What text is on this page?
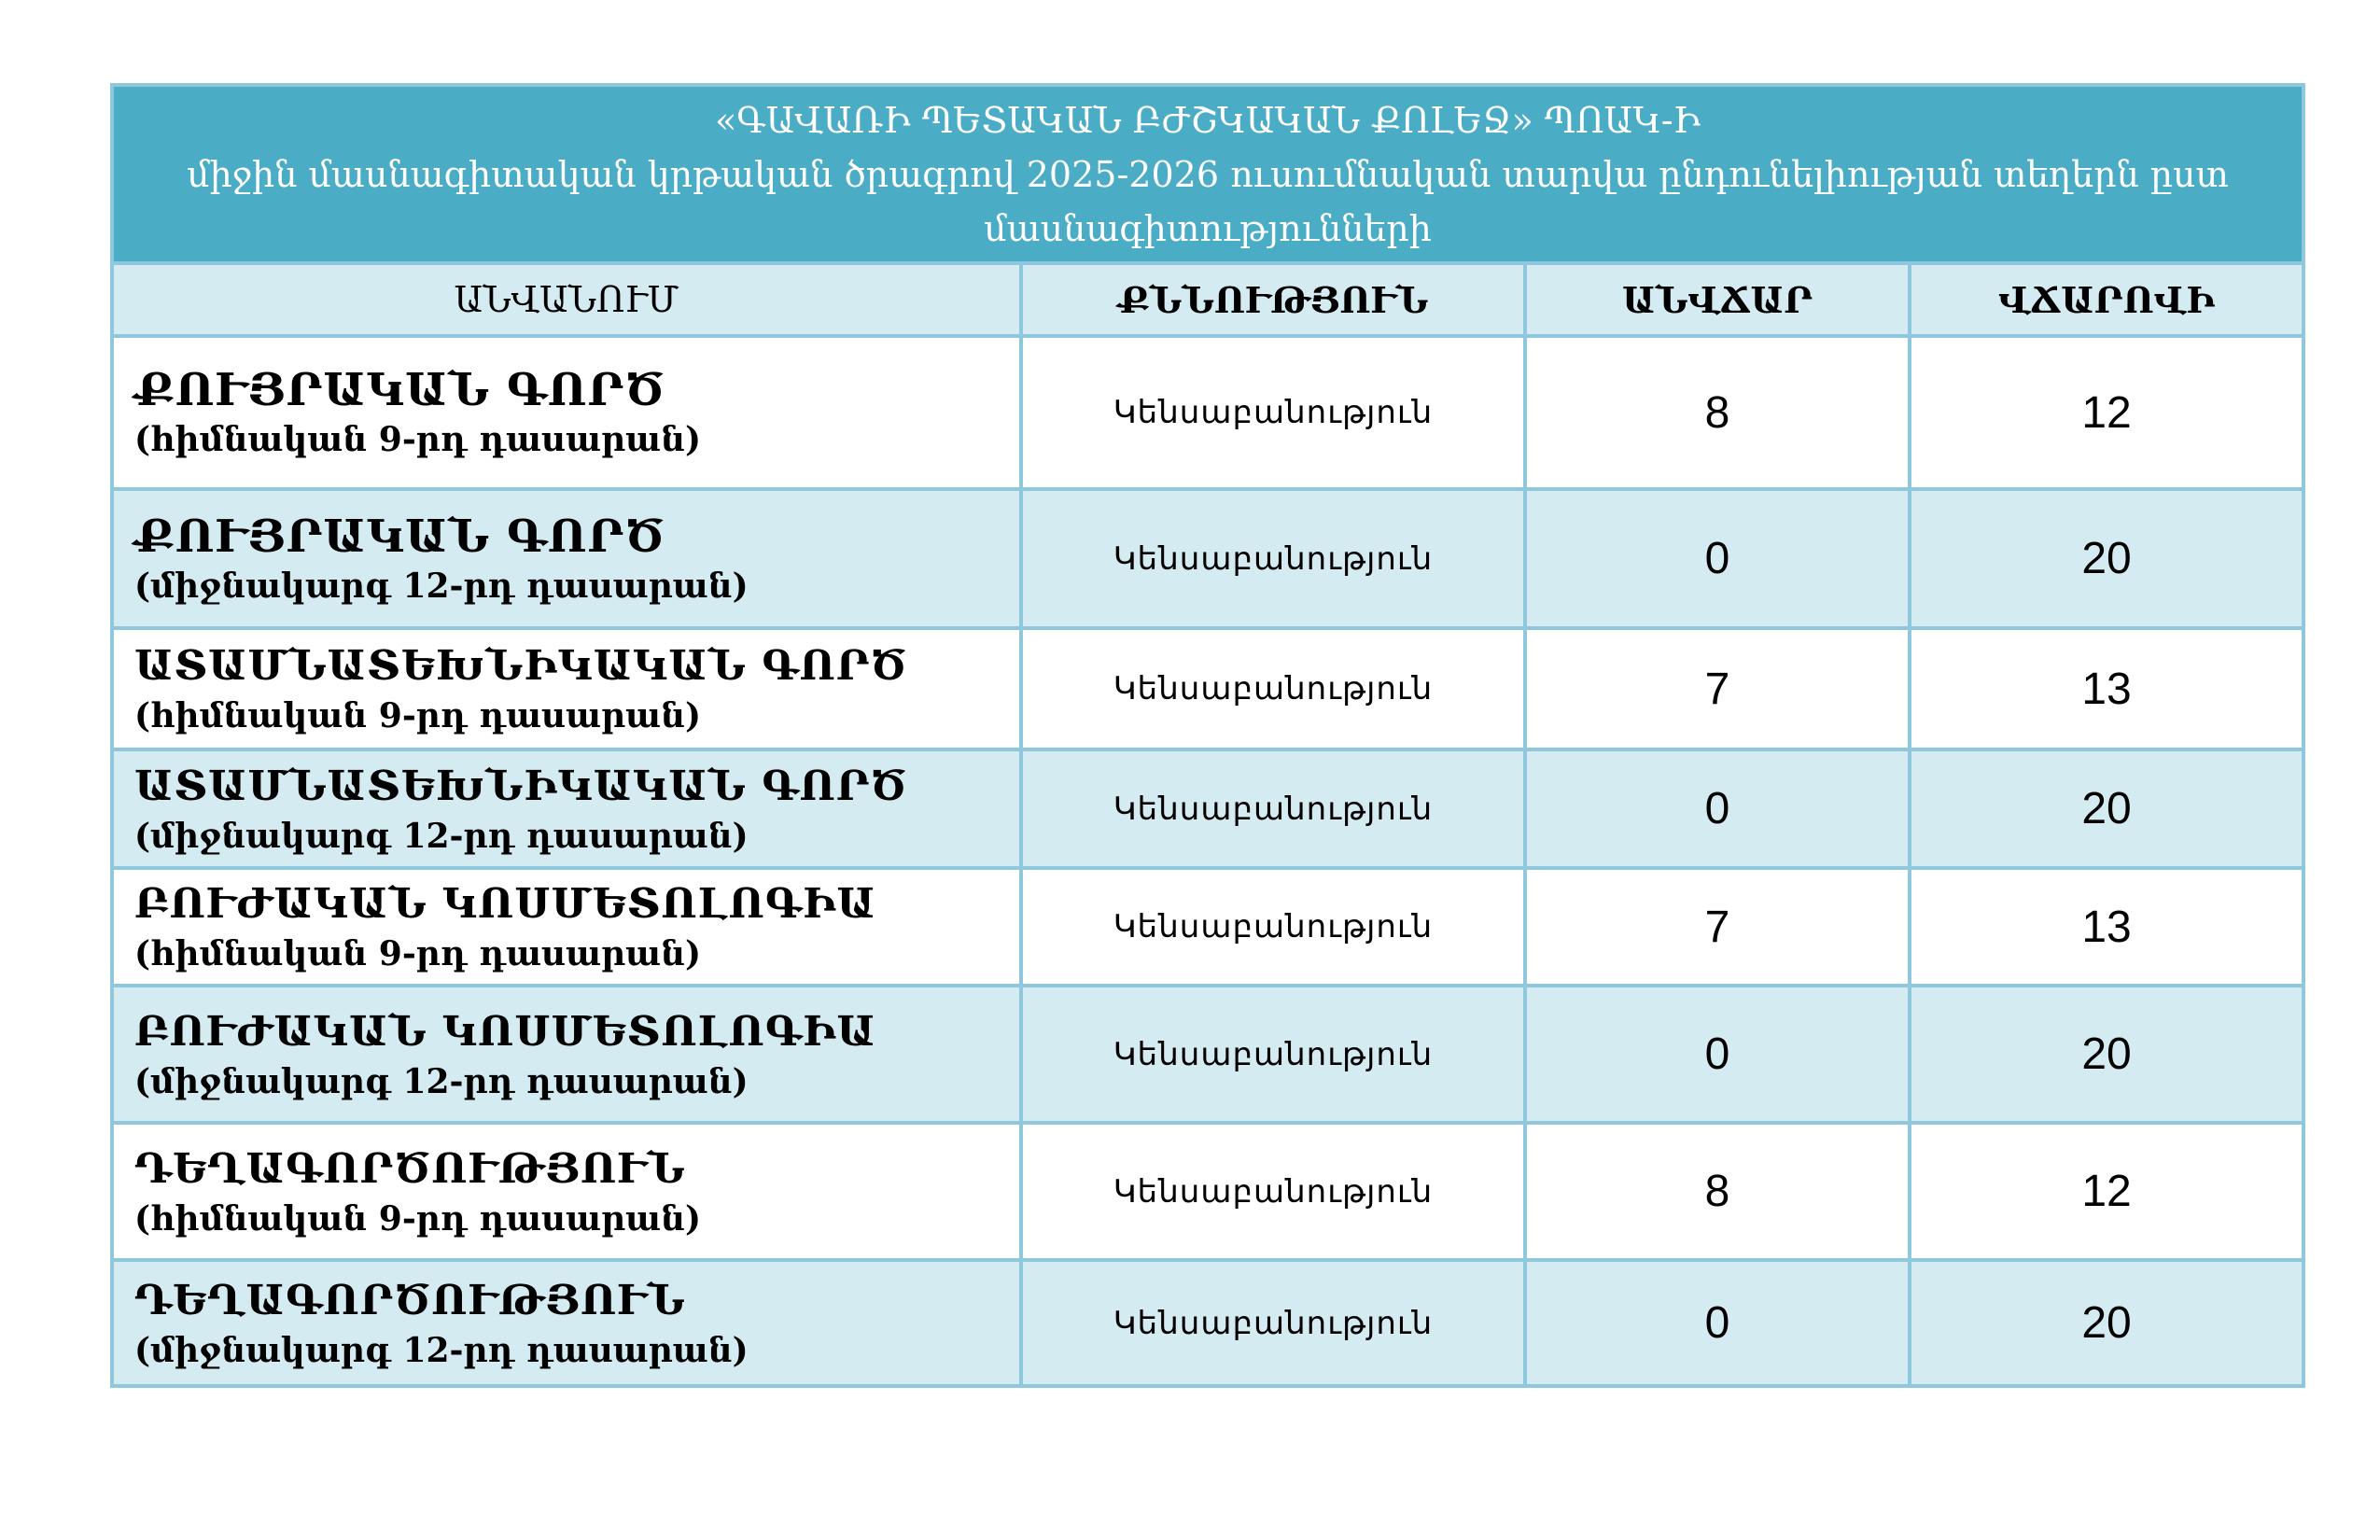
«ԳԱՎԱՌԻ ՊԵՏԱԿԱՆ ԲԺՇԿԱԿԱՆ ՔՈԼԵՋ» ՊՈԱԿ-Ի
միջին մասնագիտական կրթական ծրագրով 2025-2026 ուսումնական տարվա ընդունելիության տեղերն ըստ մասնագիտությունների			

ԱՆՎԱՆՈՒՄ	ՔՆՆՈՒԹՅՈՒՆ	ԱՆՎՃԱՐ	ՎՃԱՐՈՎԻ

ՔՈՒՅՐԱԿԱՆ ԳՈՐԾ
(հիմնական 9-րդ դասարան)	Կենսաբանություն	8	12

ՔՈՒՅՐԱԿԱՆ ԳՈՐԾ
(միջնակարգ 12-րդ դասարան)	Կենսաբանություն	0	20

ԱՏԱՄՆԱՏԵԽՆԻԿԱԿԱՆ ԳՈՐԾ
(հիմնական 9-րդ դասարան)	Կենսաբանություն	7	13

ԱՏԱՄՆԱՏԵԽՆԻԿԱԿԱՆ ԳՈՐԾ
(միջնակարգ 12-րդ դասարան)	Կենսաբանություն	0	20

ԲՈՒԺԱԿԱՆ ԿՈՍՄԵՏՈԼՈԳԻԱ
(հիմնական 9-րդ դասարան)	Կենսաբանություն	7	13

ԲՈՒԺԱԿԱՆ ԿՈՍՄԵՏՈԼՈԳԻԱ
(միջնակարգ 12-րդ դասարան)	Կենսաբանություն	0	20

ԴԵՂԱԳՈՐԾՈՒԹՅՈՒՆ
(հիմնական 9-րդ դասարան)	Կենսաբանություն	8	12

ԴԵՂԱԳՈՐԾՈՒԹՅՈՒՆ
(միջնակարգ 12-րդ դասարան)	Կենսաբանություն	0	20
